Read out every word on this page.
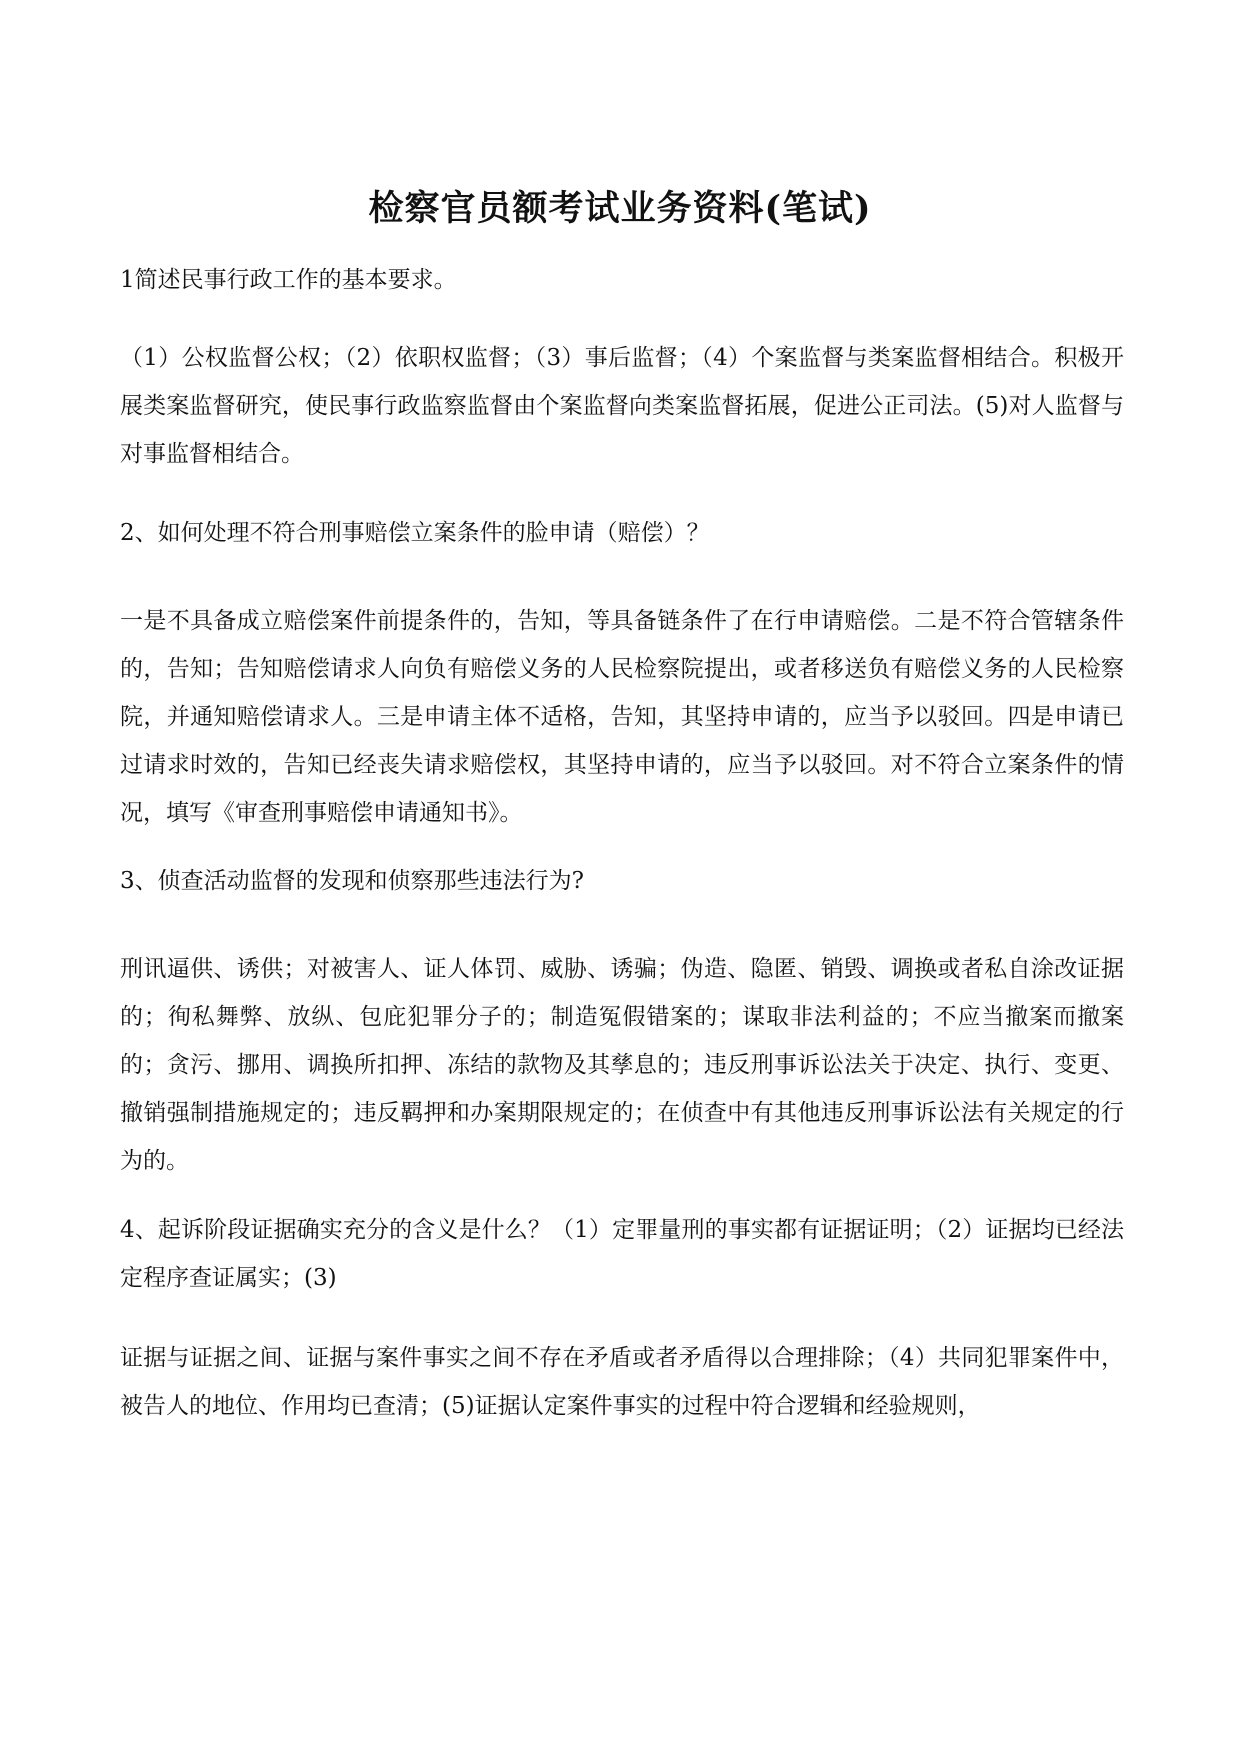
检察官员额考试业务资料(笔试)

1简述民事行政工作的基本要求。

（1）公权监督公权；（2）依职权监督；（3）事后监督；（4）个案监督与类案监督相结合。积极开展类案监督研究，使民事行政监察监督由个案监督向类案监督拓展，促进公正司法。(5)对人监督与对事监督相结合。

2、如何处理不符合刑事赔偿立案条件的脸申请（赔偿）？

一是不具备成立赔偿案件前提条件的，告知，等具备链条件了在行申请赔偿。二是不符合管辖条件的，告知；告知赔偿请求人向负有赔偿义务的人民检察院提出，或者移送负有赔偿义务的人民检察院，并通知赔偿请求人。三是申请主体不适格，告知，其坚持申请的，应当予以驳回。四是申请已过请求时效的，告知已经丧失请求赔偿权，其坚持申请的，应当予以驳回。对不符合立案条件的情况，填写《审查刑事赔偿申请通知书》。

3、侦查活动监督的发现和侦察那些违法行为?

刑讯逼供、诱供；对被害人、证人体罚、威胁、诱骗；伪造、隐匿、销毁、调换或者私自涂改证据的；徇私舞弊、放纵、包庇犯罪分子的；制造冤假错案的；谋取非法利益的；不应当撤案而撤案的；贪污、挪用、调换所扣押、冻结的款物及其孳息的；违反刑事诉讼法关于决定、执行、变更、撤销强制措施规定的；违反羁押和办案期限规定的；在侦查中有其他违反刑事诉讼法有关规定的行为的。

4、起诉阶段证据确实充分的含义是什么？（1）定罪量刑的事实都有证据证明；（2）证据均已经法定程序查证属实；(3)

证据与证据之间、证据与案件事实之间不存在矛盾或者矛盾得以合理排除；（4）共同犯罪案件中，被告人的地位、作用均已查清；(5)证据认定案件事实的过程中符合逻辑和经验规则，
